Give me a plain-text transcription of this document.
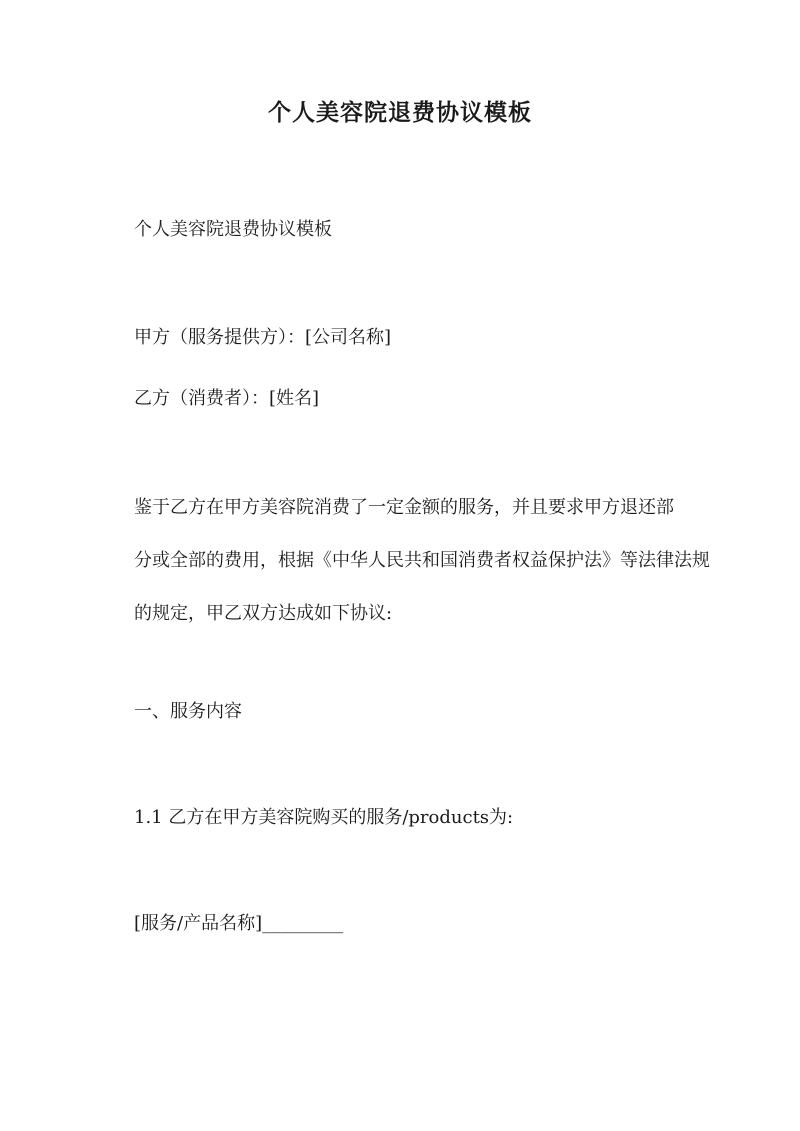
个人美容院退费协议模板
个人美容院退费协议模板
甲方（服务提供方）：[公司名称]
乙方（消费者）：[姓名]
鉴于乙方在甲方美容院消费了一定金额的服务，并且要求甲方退还部
分或全部的费用，根据《中华人民共和国消费者权益保护法》等法律法规
的规定，甲乙双方达成如下协议:
一、服务内容
1.1 乙方在甲方美容院购买的服务/products为:
[服务/产品名称]_________
